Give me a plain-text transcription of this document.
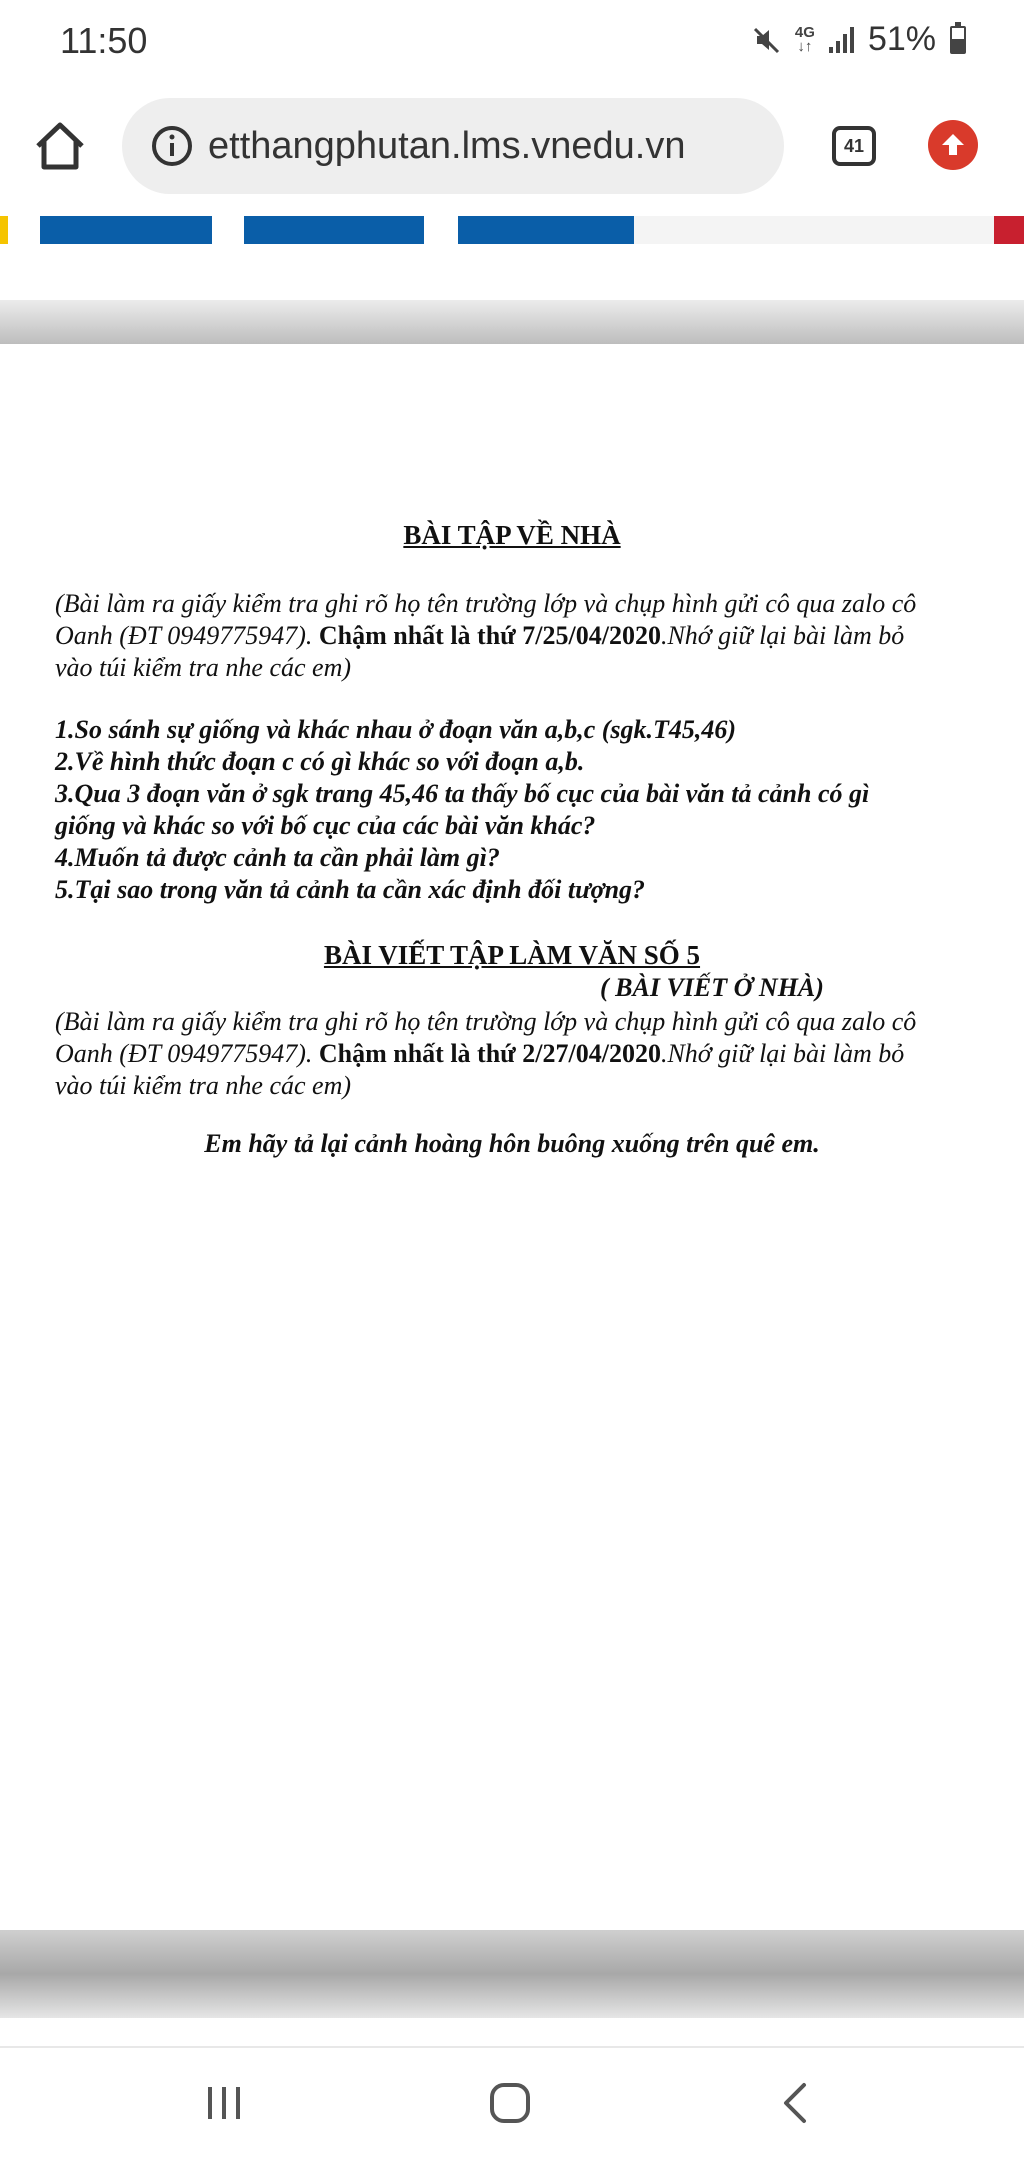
11:50	4G
↓↑ 51%
etthangphutan.lms.vnedu.vn	41
BÀI TẬP VỀ NHÀ

(Bài làm ra giấy kiểm tra ghi rõ họ tên trường lớp và chụp hình gửi cô qua zalo cô Oanh (ĐT 0949775947). Chậm nhất là thứ 7/25/04/2020.Nhớ giữ lại bài làm bỏ vào túi kiểm tra nhe các em)

1.So sánh sự giống và khác nhau ở đoạn văn a,b,c (sgk.T45,46)

2.Về hình thức đoạn c có gì khác so với đoạn a,b.

3.Qua 3 đoạn văn ở sgk trang 45,46 ta thấy bố cục của bài văn tả cảnh có gì giống và khác so với bố cục của các bài văn khác?

4.Muốn tả được cảnh ta cần phải làm gì?

5.Tại sao trong văn tả cảnh ta cần xác định đối tượng?

BÀI VIẾT TẬP LÀM VĂN SỐ 5

( BÀI VIẾT Ở NHÀ)

(Bài làm ra giấy kiểm tra ghi rõ họ tên trường lớp và chụp hình gửi cô qua zalo cô Oanh (ĐT 0949775947). Chậm nhất là thứ 2/27/04/2020.Nhớ giữ lại bài làm bỏ vào túi kiểm tra nhe các em)

Em hãy tả lại cảnh hoàng hôn buông xuống trên quê em.
